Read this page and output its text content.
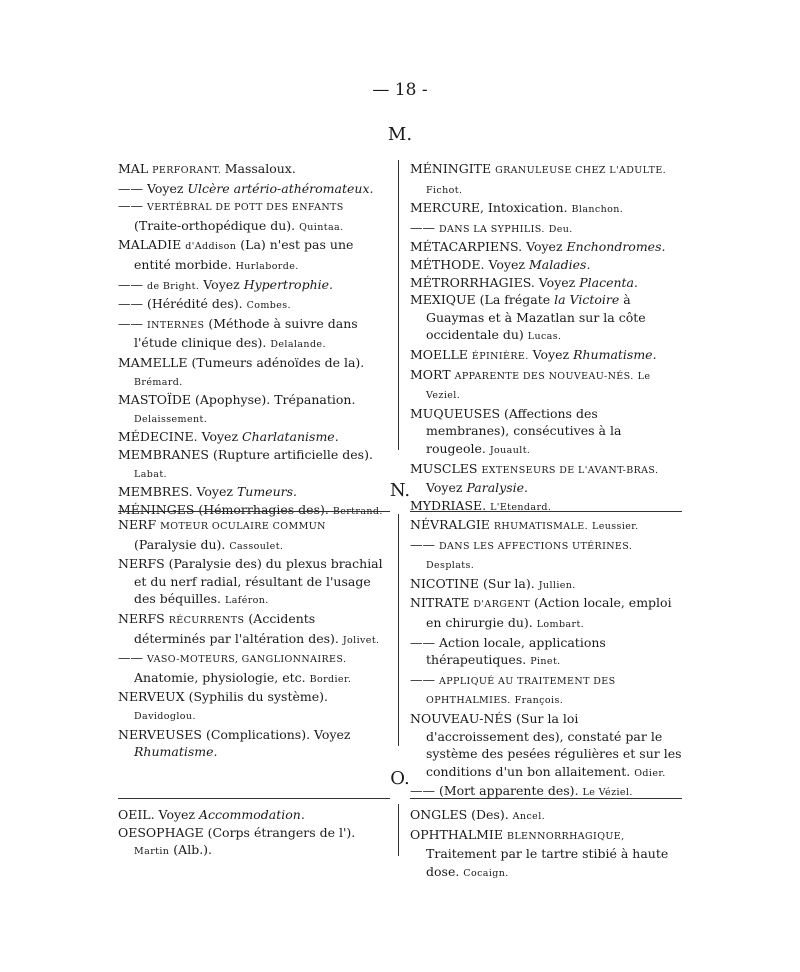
— 18 -
M.

MAL PERFORANT. Massaloux.

—— Voyez Ulcère artério-athéromateux.

—— VERTÉBRAL DE POTT DES ENFANTS (Traite-orthopédique du). Quintaa.

MALADIE d'Addison (La) n'est pas une entité morbide. Hurlaborde.

—— de Bright. Voyez Hypertrophie.

—— (Hérédité des). Combes.

—— INTERNES (Méthode à suivre dans l'étude clinique des). Delalande.

MAMELLE (Tumeurs adénoïdes de la). Brémard.

MASTOÏDE (Apophyse). Trépanation. Delaissement.

MÉDECINE. Voyez Charlatanisme.

MEMBRANES (Rupture artificielle des). Labat.

MEMBRES. Voyez Tumeurs.

MÉNINGES (Hémorrhagies des). Bertrand.

MÉNINGITE GRANULEUSE CHEZ L'ADULTE. Fichot.

MERCURE, Intoxication. Blanchon.

—— DANS LA SYPHILIS. Deu.

MÉTACARPIENS. Voyez Enchondromes.

MÉTHODE. Voyez Maladies.

MÉTRORRHAGIES. Voyez Placenta.

MEXIQUE (La frégate la Victoire à Guaymas et à Mazatlan sur la côte occidentale du) Lucas.

MOELLE ÉPINIÈRE. Voyez Rhumatisme.

MORT APPARENTE DES NOUVEAU-NÉS. Le Veziel.

MUQUEUSES (Affections des membranes), consécutives à la rougeole. Jouault.

MUSCLES EXTENSEURS DE L'AVANT-BRAS. Voyez Paralysie.

MYDRIASE. L'Etendard.

N.

NERF MOTEUR OCULAIRE COMMUN (Paralysie du). Cassoulet.

NERFS (Paralysie des) du plexus brachial et du nerf radial, résultant de l'usage des béquilles. Laféron.

NERFS RÉCURRENTS (Accidents déterminés par l'altération des). Jolivet.

—— VASO-MOTEURS, GANGLIONNAIRES. Anatomie, physiologie, etc. Bordier.

NERVEUX (Syphilis du système). Davidoglou.

NERVEUSES (Complications). Voyez Rhumatisme.

NÉVRALGIE RHUMATISMALE. Leussier.

—— DANS LES AFFECTIONS UTÉRINES. Desplats.

NICOTINE (Sur la). Jullien.

NITRATE D'ARGENT (Action locale, emploi en chirurgie du). Lombart.

—— Action locale, applications thérapeutiques. Pinet.

—— APPLIQUÉ AU TRAITEMENT DES OPHTHALMIES. François.

NOUVEAU-NÉS (Sur la loi d'accroissement des), constaté par le système des pesées régulières et sur les conditions d'un bon allaitement. Odier.

—— (Mort apparente des). Le Véziel.

O.

OEIL. Voyez Accommodation.

OESOPHAGE (Corps étrangers de l'). Martin (Alb.).

ONGLES (Des). Ancel.

OPHTHALMIE BLENNORRHAGIQUE, Traitement par le tartre stibié à haute dose. Cocaign.
